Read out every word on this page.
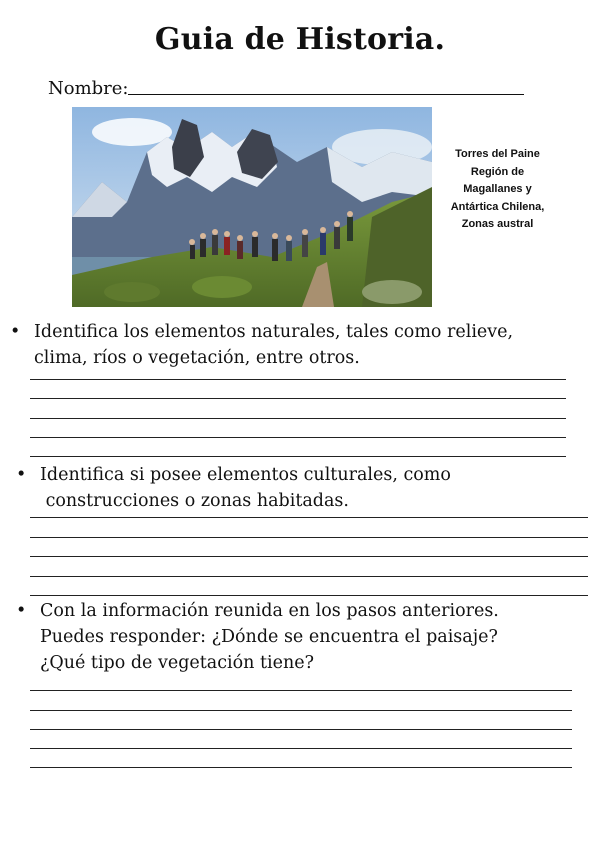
Guia de Historia.
Nombre:
Torres del Paine
Región de
Magallanes y
Antártica Chilena,
Zonas austral
• Identifica los elementos naturales, tales como relieve,
clima, ríos o vegetación, entre otros.
• Identifica si posee elementos culturales, como
construcciones o zonas habitadas.
• Con la información reunida en los pasos anteriores.
Puedes responder: ¿Dónde se encuentra el paisaje?
¿Qué tipo de vegetación tiene?
